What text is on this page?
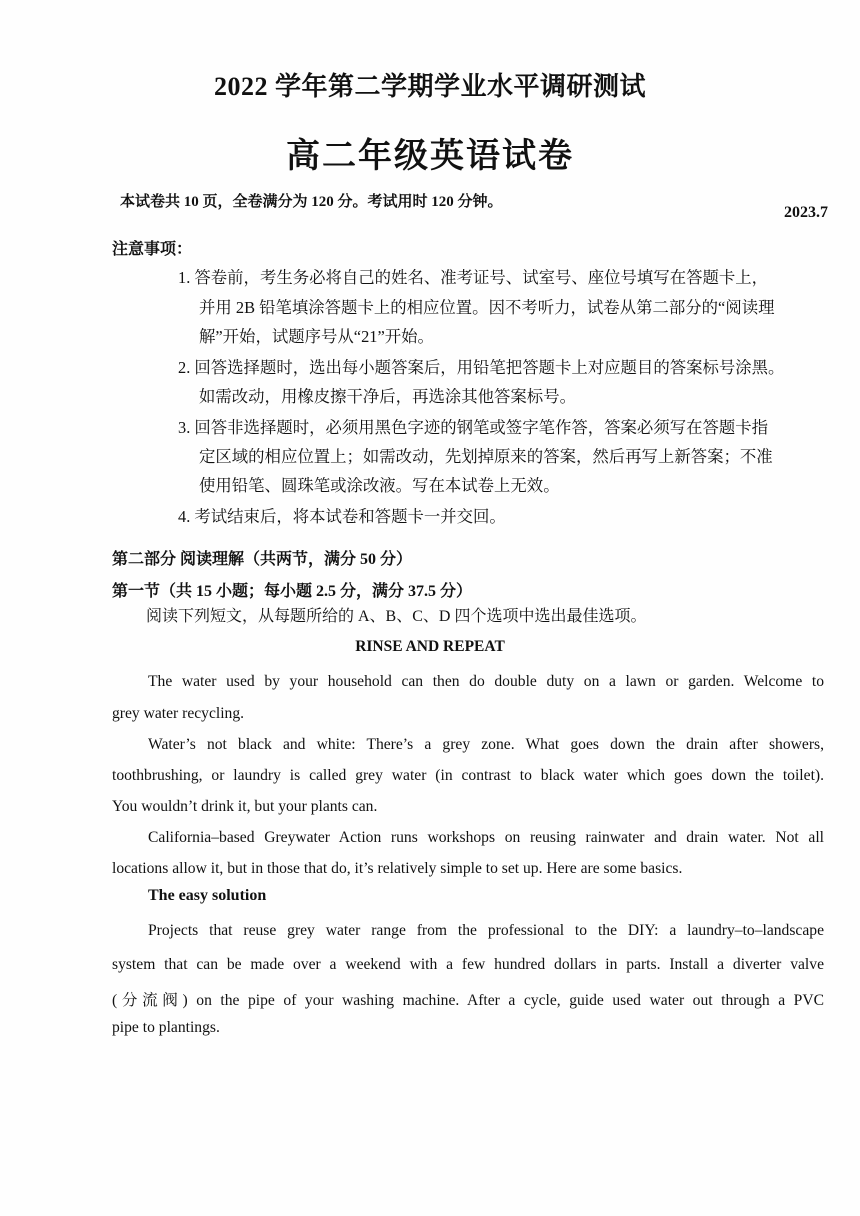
2022 学年第二学期学业水平调研测试
高二年级英语试卷
本试卷共 10 页，全卷满分为 120 分。考试用时 120 分钟。
2023.7
注意事项：
1. 答卷前，考生务必将自己的姓名、准考证号、试室号、座位号填写在答题卡上，
并用 2B 铅笔填涂答题卡上的相应位置。因不考听力，试卷从第二部分的“阅读理
解”开始，试题序号从“21”开始。
2. 回答选择题时，选出每小题答案后，用铅笔把答题卡上对应题目的答案标号涂黑。
如需改动，用橡皮擦干净后，再选涂其他答案标号。
3. 回答非选择题时，必须用黑色字迹的钢笔或签字笔作答，答案必须写在答题卡指
定区域的相应位置上；如需改动，先划掉原来的答案，然后再写上新答案；不准
使用铅笔、圆珠笔或涂改液。写在本试卷上无效。
4. 考试结束后，将本试卷和答题卡一并交回。
第二部分 阅读理解（共两节，满分 50 分）
第一节（共 15 小题；每小题 2.5 分，满分 37.5 分）
阅读下列短文，从每题所给的 A、B、C、D 四个选项中选出最佳选项。
RINSE AND REPEAT
The water used by your household can then do double duty on a lawn or garden. Welcome to
grey water recycling.
Water’s not black and white: There’s a grey zone. What goes down the drain after showers,
toothbrushing, or laundry is called grey water (in contrast to black water which goes down the toilet).
You wouldn’t drink it, but your plants can.
California–based Greywater Action runs workshops on reusing rainwater and drain water. Not all
locations allow it, but in those that do, it’s relatively simple to set up. Here are some basics.
The easy solution
Projects that reuse grey water range from the professional to the DIY: a laundry–to–landscape
system that can be made over a weekend with a few hundred dollars in parts. Install a diverter valve
(分流阀) on the pipe of your washing machine. After a cycle, guide used water out through a PVC
pipe to plantings.
